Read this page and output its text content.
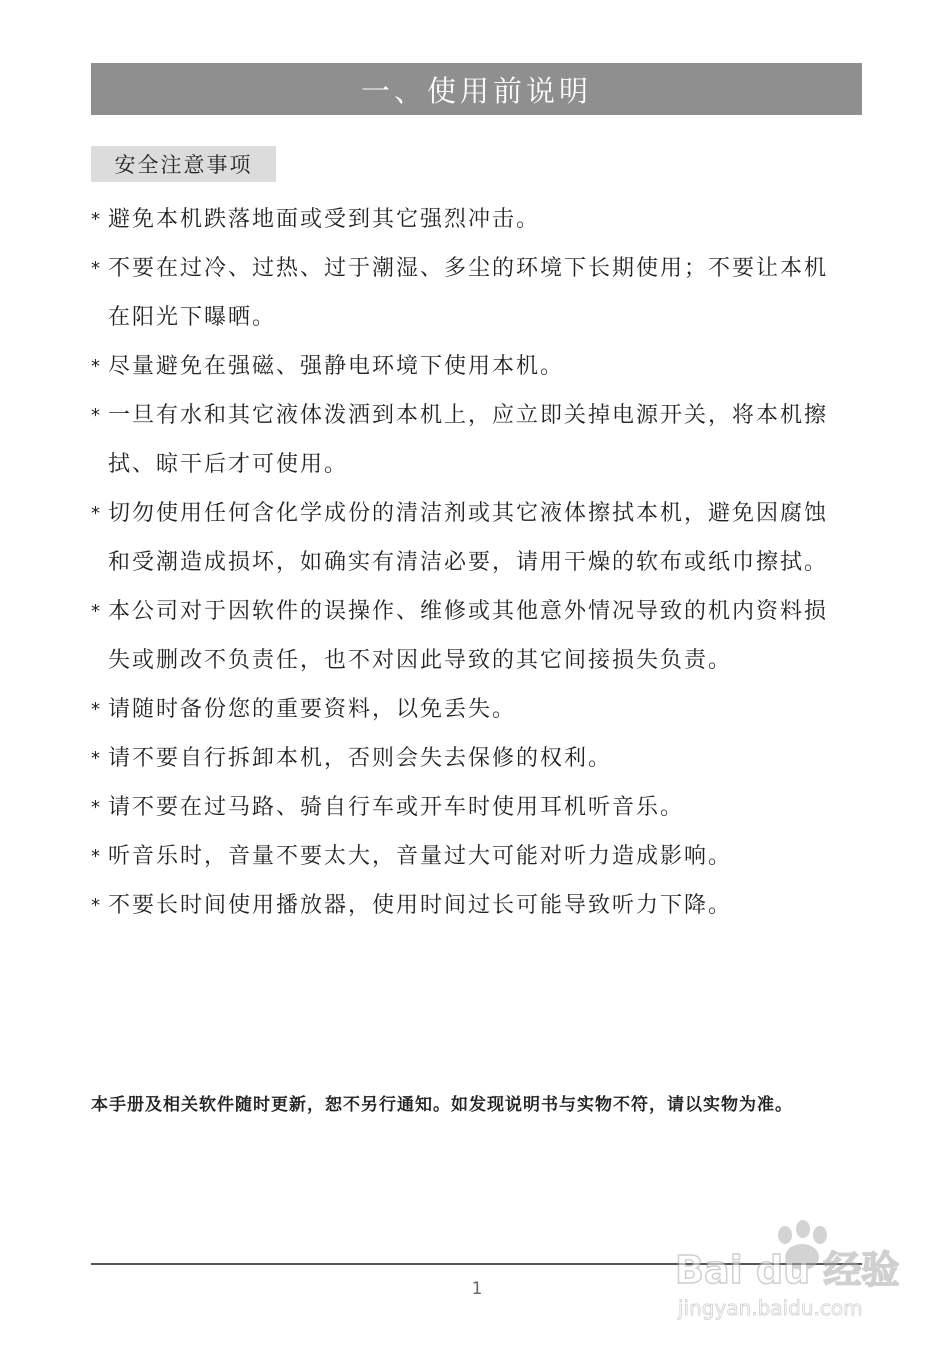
一、使用前说明
安全注意事项
* 避免本机跌落地面或受到其它强烈冲击。
* 不要在过冷、过热、过于潮湿、多尘的环境下长期使用；不要让本机
在阳光下曝晒。
* 尽量避免在强磁、强静电环境下使用本机。
* 一旦有水和其它液体泼洒到本机上，应立即关掉电源开关，将本机擦
拭、晾干后才可使用。
* 切勿使用任何含化学成份的清洁剂或其它液体擦拭本机，避免因腐蚀
和受潮造成损坏，如确实有清洁必要，请用干燥的软布或纸巾擦拭。
* 本公司对于因软件的误操作、维修或其他意外情况导致的机内资料损
失或删改不负责任，也不对因此导致的其它间接损失负责。
* 请随时备份您的重要资料，以免丢失。
* 请不要自行拆卸本机，否则会失去保修的权利。
* 请不要在过马路、骑自行车或开车时使用耳机听音乐。
* 听音乐时，音量不要太大，音量过大可能对听力造成影响。
* 不要长时间使用播放器，使用时间过长可能导致听力下降。
本手册及相关软件随时更新，恕不另行通知。如发现说明书与实物不符，请以实物为准。
1	Bai du 经验
jingyan.baidu.com
